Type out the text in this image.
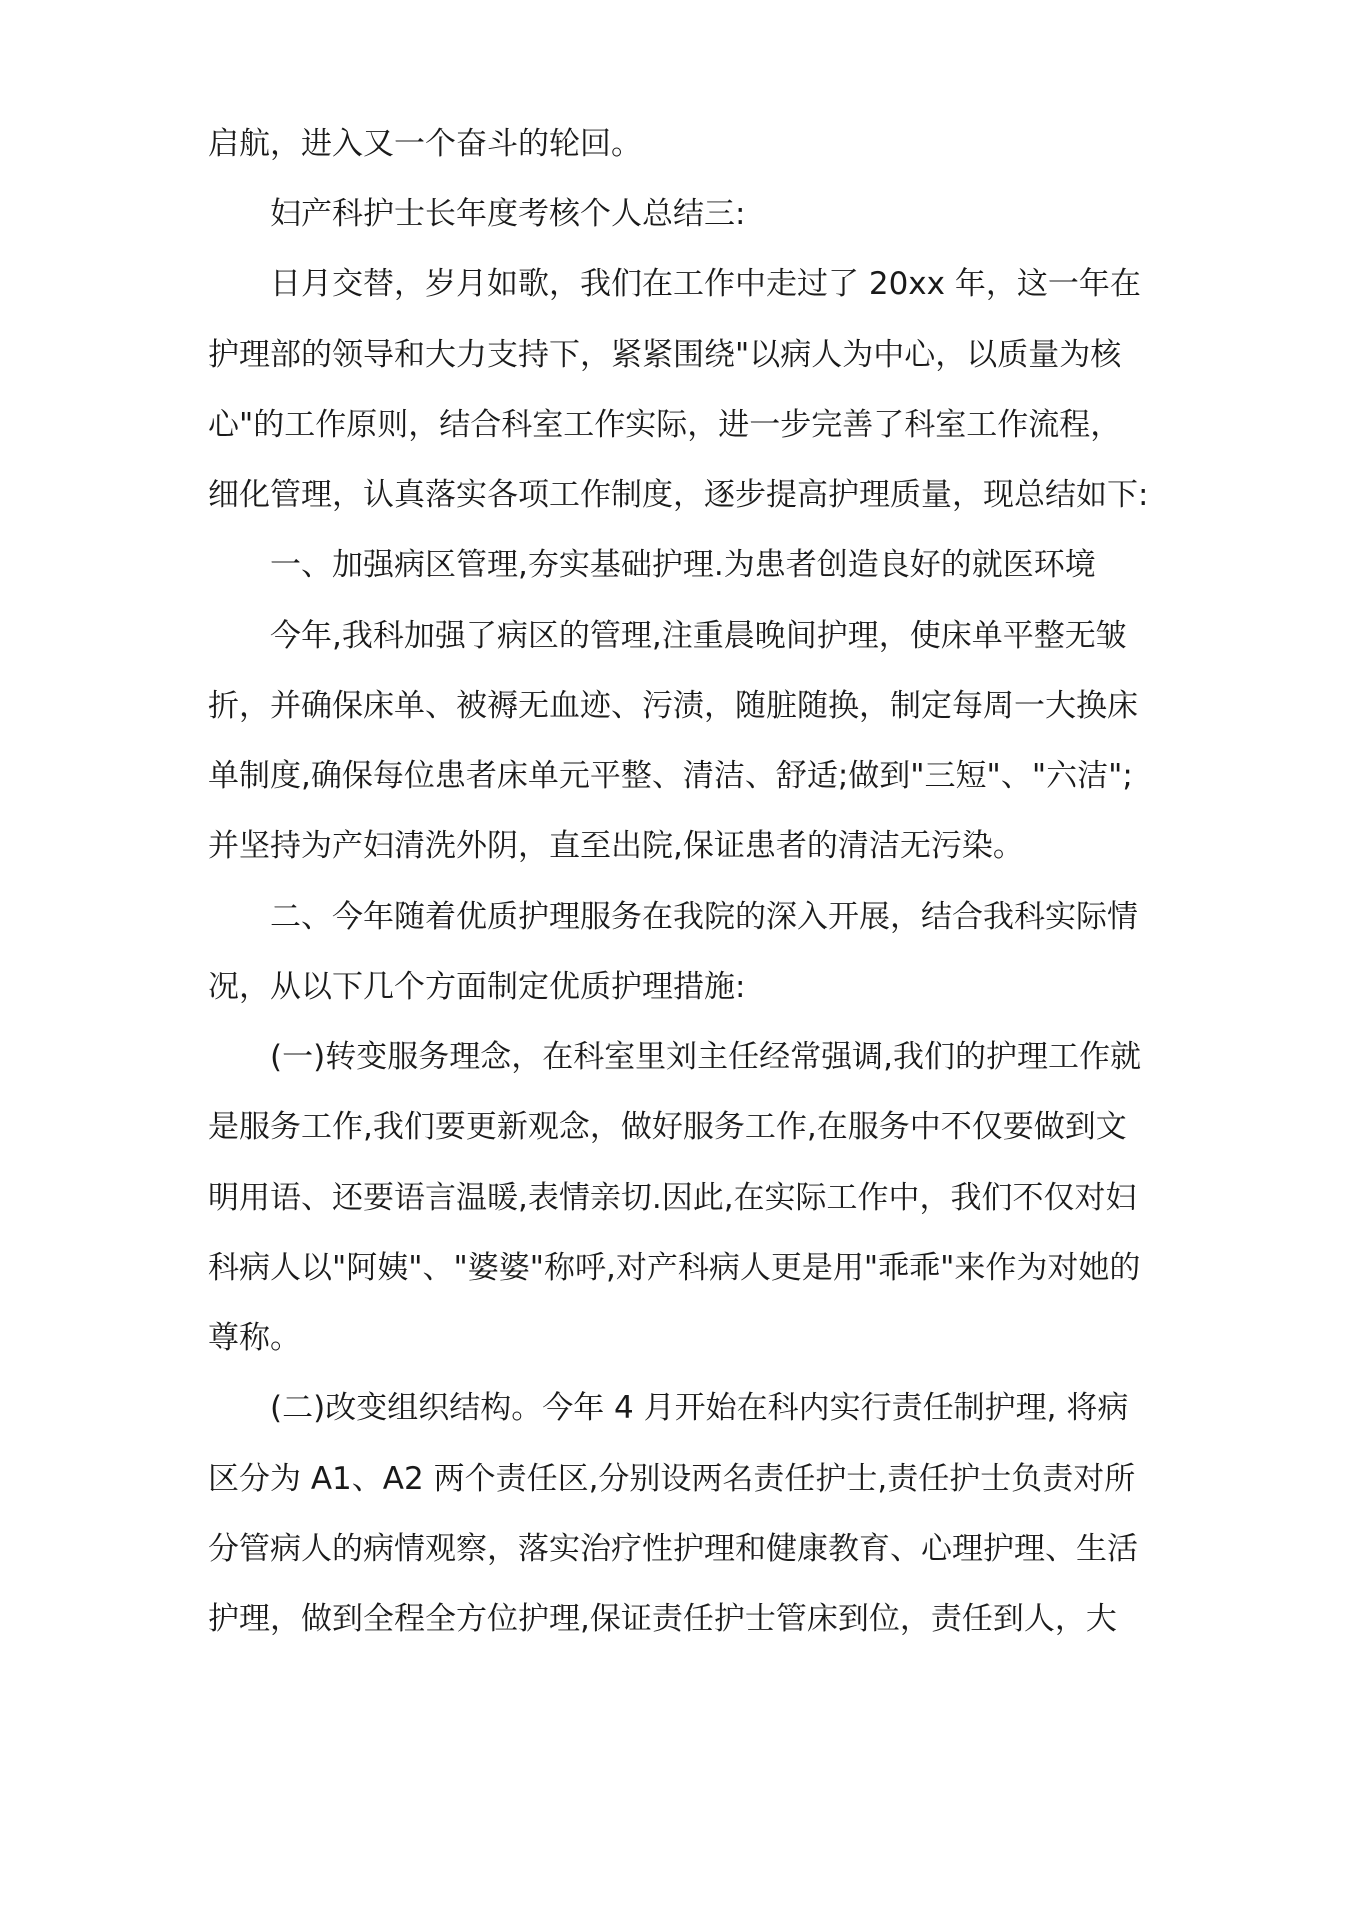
启航，进入又一个奋斗的轮回。
妇产科护士长年度考核个人总结三:
日月交替，岁月如歌，我们在工作中走过了 20xx 年，这一年在
护理部的领导和大力支持下，紧紧围绕"以病人为中心，以质量为核
心"的工作原则，结合科室工作实际，进一步完善了科室工作流程，
细化管理，认真落实各项工作制度，逐步提高护理质量，现总结如下:
一、加强病区管理,夯实基础护理.为患者创造良好的就医环境
今年,我科加强了病区的管理,注重晨晚间护理，使床单平整无皱
折，并确保床单、被褥无血迹、污渍，随脏随换，制定每周一大换床
单制度,确保每位患者床单元平整、清洁、舒适;做到"三短"、"六洁";
并坚持为产妇清洗外阴，直至出院,保证患者的清洁无污染。
二、今年随着优质护理服务在我院的深入开展，结合我科实际情
况，从以下几个方面制定优质护理措施:
(一)转变服务理念，在科室里刘主任经常强调,我们的护理工作就
是服务工作,我们要更新观念，做好服务工作,在服务中不仅要做到文
明用语、还要语言温暖,表情亲切.因此,在实际工作中，我们不仅对妇
科病人以"阿姨"、"婆婆"称呼,对产科病人更是用"乖乖"来作为对她的
尊称。
(二)改变组织结构。今年 4 月开始在科内实行责任制护理, 将病
区分为 A1、A2 两个责任区,分别设两名责任护士,责任护士负责对所
分管病人的病情观察，落实治疗性护理和健康教育、心理护理、生活
护理，做到全程全方位护理,保证责任护士管床到位，责任到人，大
